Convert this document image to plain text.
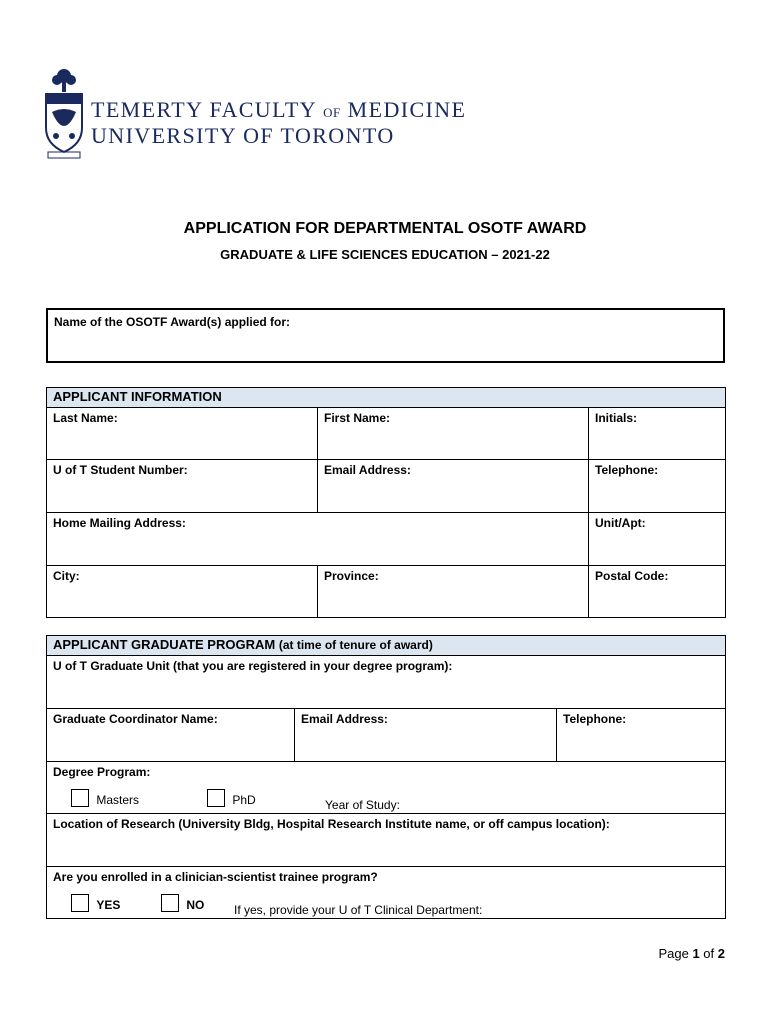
TEMERTY FACULTY OF MEDICINE
UNIVERSITY OF TORONTO
APPLICATION FOR DEPARTMENTAL OSOTF AWARD
GRADUATE & LIFE SCIENCES EDUCATION – 2021-22
Name of the OSOTF Award(s) applied for:
APPLICANT INFORMATION		
Last Name:	First Name:	Initials:
U of T Student Number:	Email Address:	Telephone:
Home Mailing Address:		Unit/Apt:
City:	Province:	Postal Code:
APPLICANT GRADUATE PROGRAM (at time of tenure of award)
U of T Graduate Unit (that you are registered in your degree program):
Graduate Coordinator Name:	Email Address:	Telephone:

Degree Program:
Masters	PhD	Year of Study:

Location of Research (University Bldg, Hospital Research Institute name, or off campus location):

Are you enrolled in a clinician-scientist trainee program?
YES	NO If yes, provide your U of T Clinical Department:
Page 1 of 2
